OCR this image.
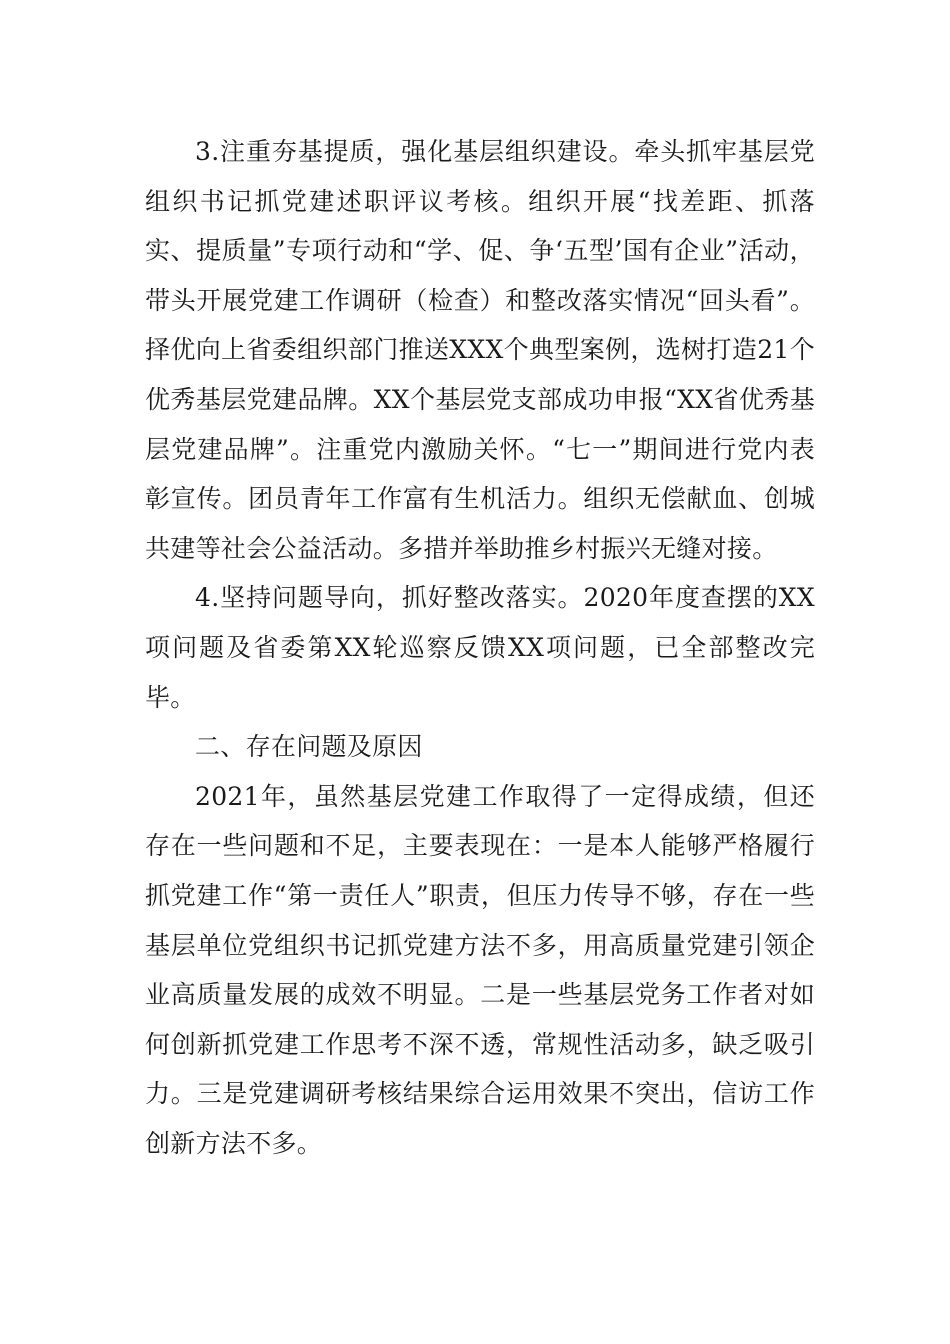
3.注重夯基提质，强化基层组织建设。牵头抓牢基层党组织书记抓党建述职评议考核。组织开展“找差距、抓落实、提质量”专项行动和“学、促、争‘五型’国有企业”活动，带头开展党建工作调研（检查）和整改落实情况“回头看”。择优向上省委组织部门推送XXX个典型案例，选树打造21个优秀基层党建品牌。XX个基层党支部成功申报“XX省优秀基层党建品牌”。注重党内激励关怀。“七一”期间进行党内表彰宣传。团员青年工作富有生机活力。组织无偿献血、创城共建等社会公益活动。多措并举助推乡村振兴无缝对接。

4.坚持问题导向，抓好整改落实。2020年度查摆的XX项问题及省委第XX轮巡察反馈XX项问题，已全部整改完毕。

二、存在问题及原因

2021年，虽然基层党建工作取得了一定得成绩，但还存在一些问题和不足，主要表现在：一是本人能够严格履行抓党建工作“第一责任人”职责，但压力传导不够，存在一些基层单位党组织书记抓党建方法不多，用高质量党建引领企业高质量发展的成效不明显。二是一些基层党务工作者对如何创新抓党建工作思考不深不透，常规性活动多，缺乏吸引力。三是党建调研考核结果综合运用效果不突出，信访工作创新方法不多。
